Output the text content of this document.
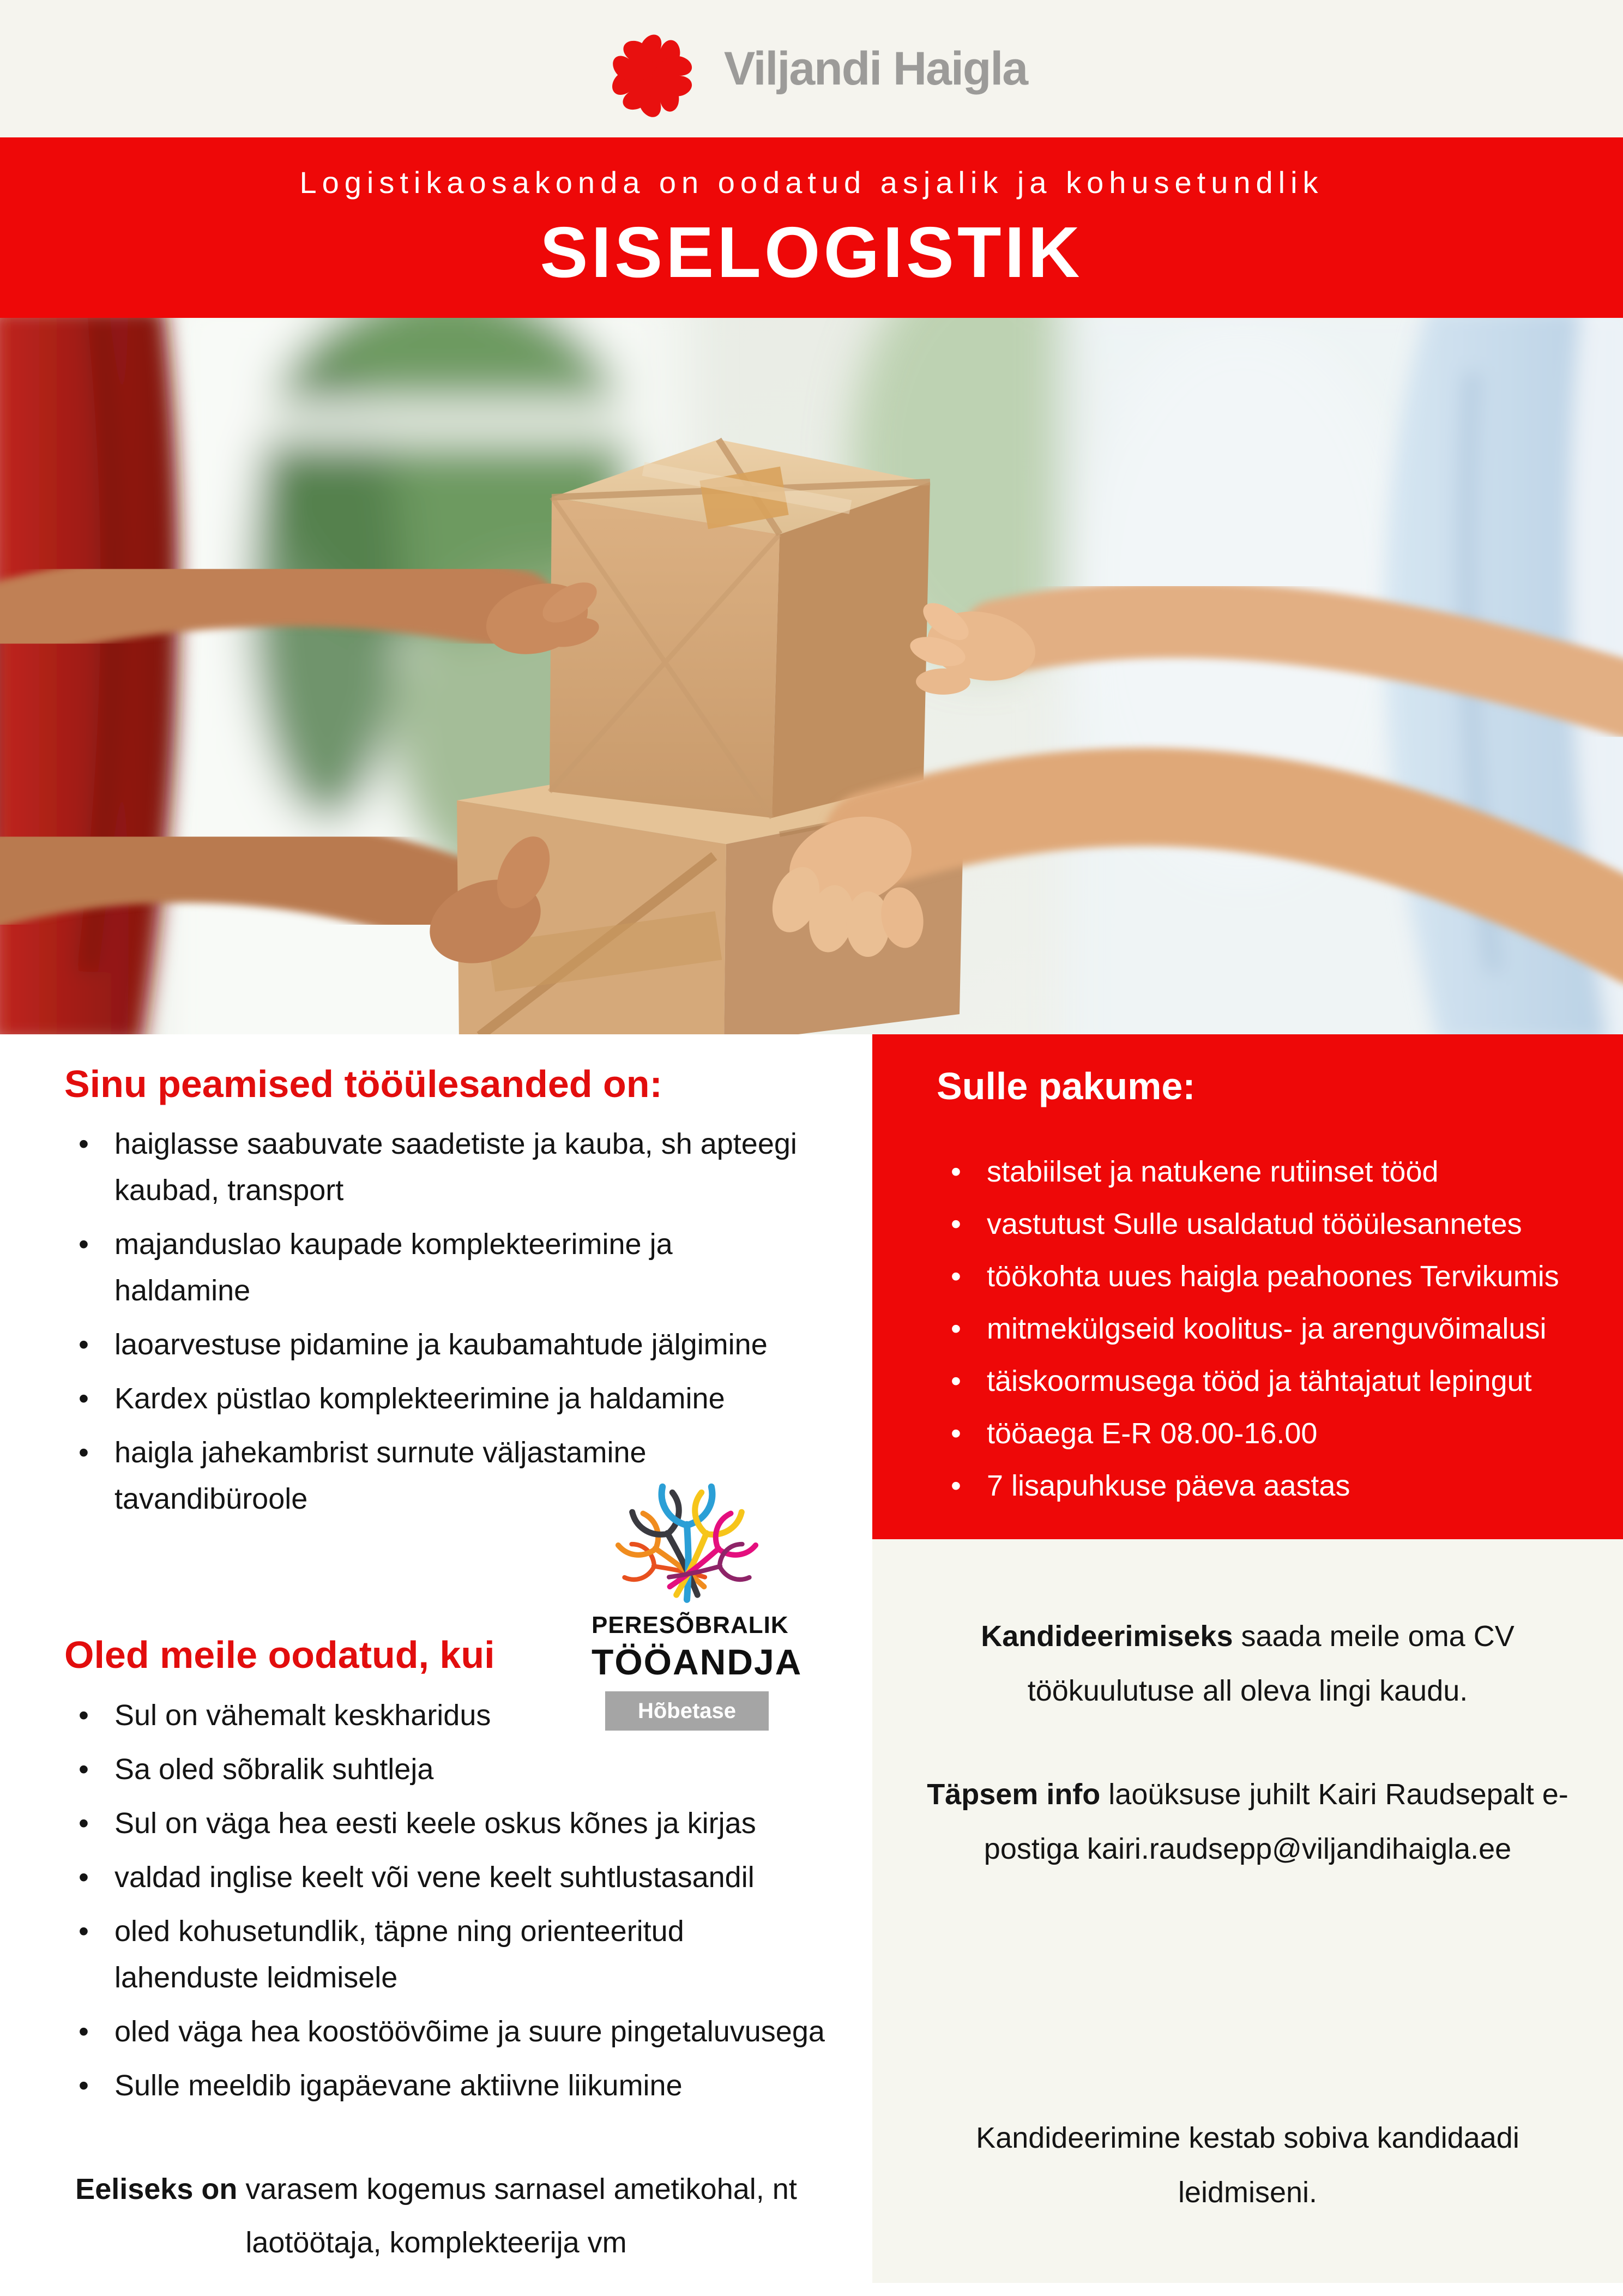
Viljandi Haigla
Logistikaosakonda on oodatud asjalik ja kohusetundlik
SISELOGISTIK
Sinu peamised tööülesanded on:
• haiglasse saabuvate saadetiste ja kauba, sh apteegi kaubad, transport
• majanduslao kaupade komplekteerimine ja haldamine
• laoarvestuse pidamine ja kaubamahtude jälgimine
• Kardex püstlao komplekteerimine ja haldamine
• haigla jahekambrist surnute väljastamine tavandibüroole
Oled meile oodatud, kui
• Sul on vähemalt keskharidus
• Sa oled sõbralik suhtleja
• Sul on väga hea eesti keele oskus kõnes ja kirjas
• valdad inglise keelt või vene keelt suhtlustasandil
• oled kohusetundlik, täpne ning orienteeritud lahenduste leidmisele
• oled väga hea koostöövõime ja suure pingetaluvusega
• Sulle meeldib igapäevane aktiivne liikumine

Eeliseks on varasem kogemus sarnasel ametikohal, nt laotöötaja, komplekteerija vm

PERESÕBRALIK
TÖÖANDJA
Hõbetase
Sulle pakume:
• stabiilset ja natukene rutiinset tööd
• vastutust Sulle usaldatud tööülesannetes
• töökohta uues haigla peahoones Tervikumis
• mitmekülgseid koolitus- ja arenguvõimalusi
• täiskoormusega tööd ja tähtajatut lepingut
• tööaega E-R 08.00-16.00
• 7 lisapuhkuse päeva aastas

Kandideerimiseks saada meile oma CV töökuulutuse all oleva lingi kaudu.

Täpsem info laoüksuse juhilt Kairi Raudsepalt e-postiga kairi.raudsepp@viljandihaigla.ee

Kandideerimine kestab sobiva kandidaadi leidmiseni.
